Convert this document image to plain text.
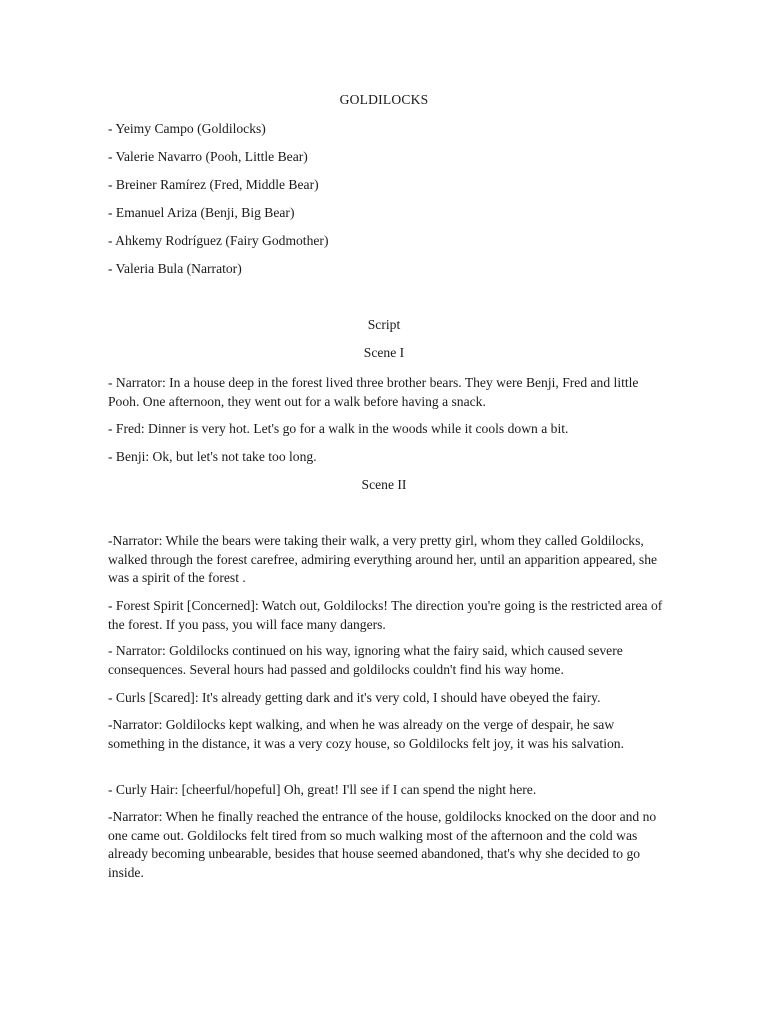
GOLDILOCKS
- Yeimy Campo (Goldilocks)
- Valerie Navarro (Pooh, Little Bear)
- Breiner Ramírez (Fred, Middle Bear)
- Emanuel Ariza (Benji, Big Bear)
- Ahkemy Rodríguez (Fairy Godmother)
- Valeria Bula (Narrator)
Script
Scene I

- Narrator: In a house deep in the forest lived three brother bears. They were Benji, Fred and little Pooh. One afternoon, they went out for a walk before having a snack.

- Fred: Dinner is very hot. Let's go for a walk in the woods while it cools down a bit.

- Benji: Ok, but let's not take too long.

Scene II

-Narrator: While the bears were taking their walk, a very pretty girl, whom they called Goldilocks, walked through the forest carefree, admiring everything around her, until an apparition appeared, she was a spirit of the forest .

- Forest Spirit [Concerned]: Watch out, Goldilocks! The direction you're going is the restricted area of the forest. If you pass, you will face many dangers.

- Narrator: Goldilocks continued on his way, ignoring what the fairy said, which caused severe consequences. Several hours had passed and goldilocks couldn't find his way home.

- Curls [Scared]: It's already getting dark and it's very cold, I should have obeyed the fairy.

-Narrator: Goldilocks kept walking, and when he was already on the verge of despair, he saw something in the distance, it was a very cozy house, so Goldilocks felt joy, it was his salvation.

- Curly Hair: [cheerful/hopeful] Oh, great! I'll see if I can spend the night here.

-Narrator: When he finally reached the entrance of the house, goldilocks knocked on the door and no one came out. Goldilocks felt tired from so much walking most of the afternoon and the cold was already becoming unbearable, besides that house seemed abandoned, that's why she decided to go inside.
